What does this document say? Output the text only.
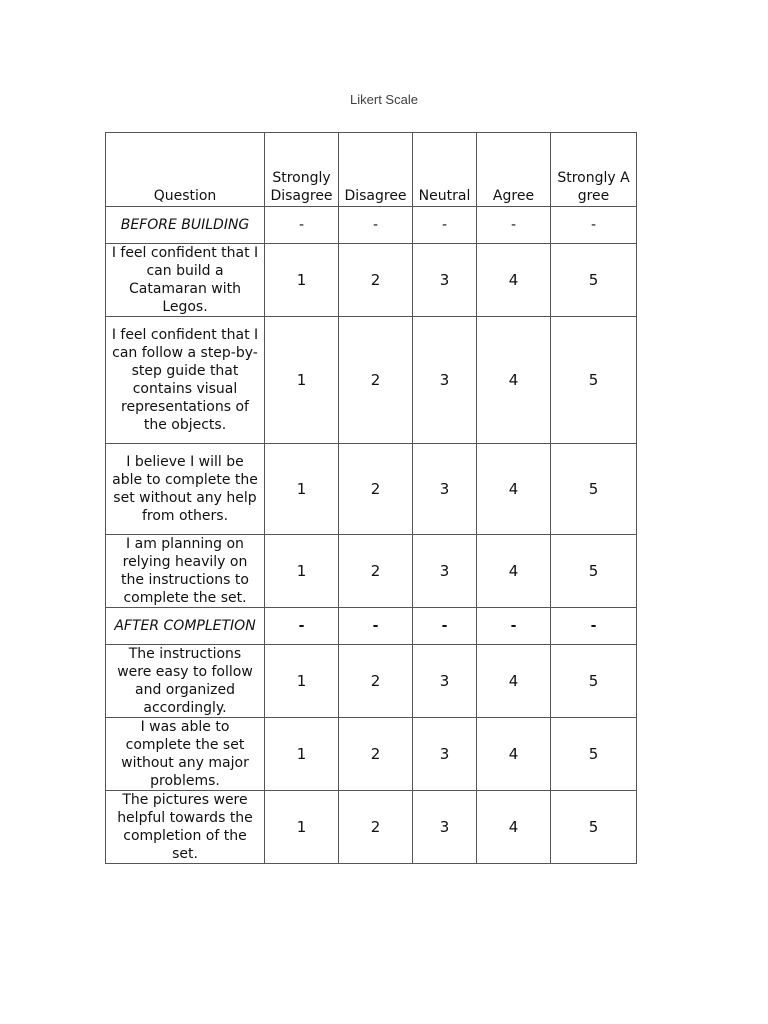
Likert Scale
Question	Strongly Disagree	Disagree	Neutral	Agree	Strongly Agree
BEFORE BUILDING	-	-	-	-	-
I feel confident that I can build a Catamaran with Legos.	1	2	3	4	5
I feel confident that I can follow a step-by-step guide that contains visual representations of the objects.	1	2	3	4	5
I believe I will be able to complete the set without any help from others.	1	2	3	4	5
I am planning on relying heavily on the instructions to complete the set.	1	2	3	4	5
AFTER COMPLETION	-	-	-	-	-
The instructions were easy to follow and organized accordingly.	1	2	3	4	5
I was able to complete the set without any major problems.	1	2	3	4	5
The pictures were helpful towards the completion of the set.	1	2	3	4	5
